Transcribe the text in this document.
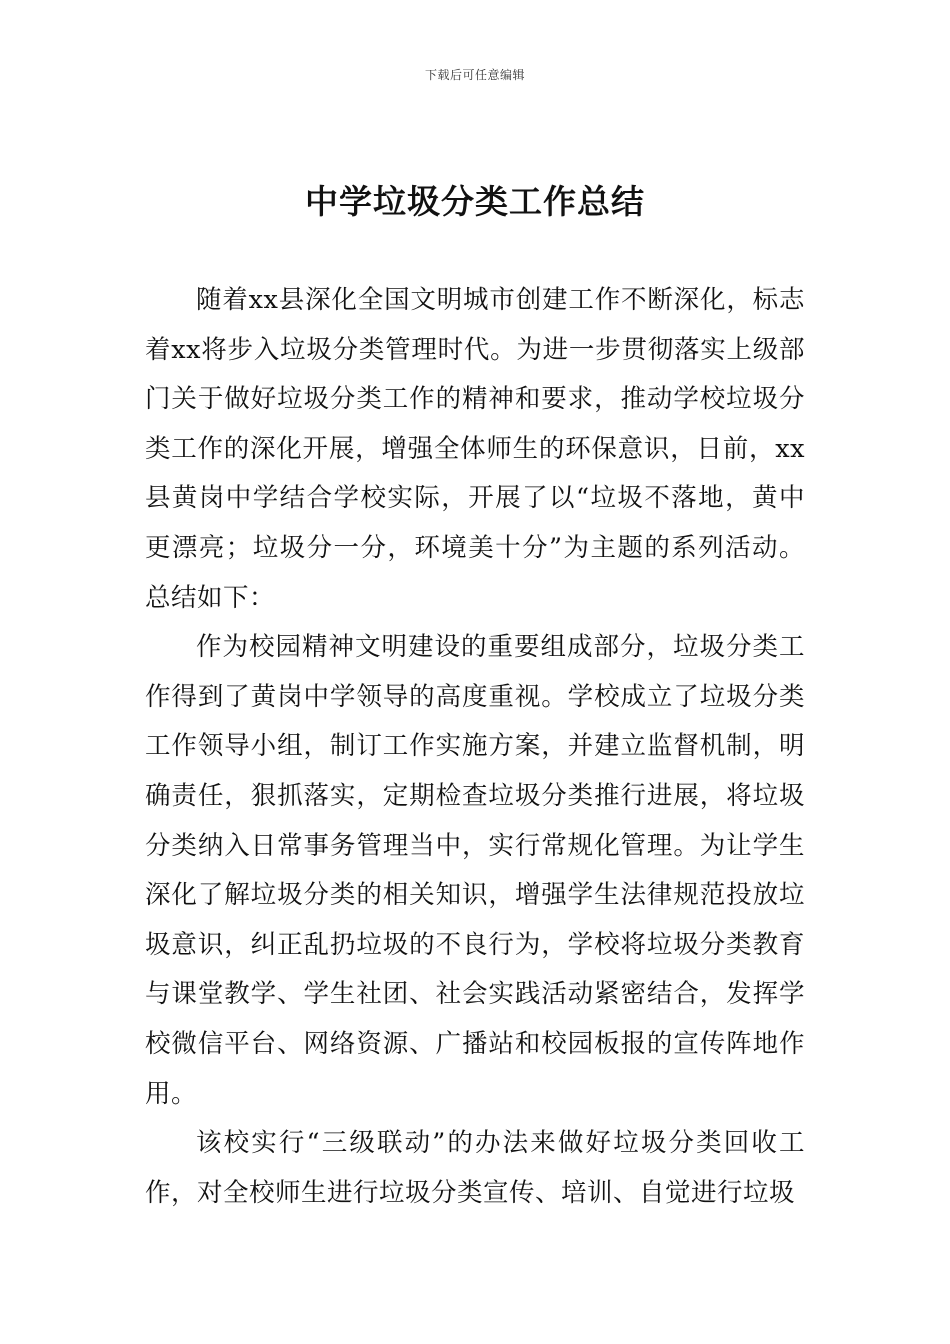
下载后可任意编辑
中学垃圾分类工作总结

随着xx县深化全国文明城市创建工作不断深化，标志着xx将步入垃圾分类管理时代。为进一步贯彻落实上级部门关于做好垃圾分类工作的精神和要求，推动学校垃圾分类工作的深化开展，增强全体师生的环保意识，日前，xx县黄岗中学结合学校实际，开展了以“垃圾不落地，黄中更漂亮；垃圾分一分，环境美十分”为主题的系列活动。总结如下：

作为校园精神文明建设的重要组成部分，垃圾分类工作得到了黄岗中学领导的高度重视。学校成立了垃圾分类工作领导小组，制订工作实施方案，并建立监督机制，明确责任，狠抓落实，定期检查垃圾分类推行进展，将垃圾分类纳入日常事务管理当中，实行常规化管理。为让学生深化了解垃圾分类的相关知识，增强学生法律规范投放垃圾意识，纠正乱扔垃圾的不良行为，学校将垃圾分类教育与课堂教学、学生社团、社会实践活动紧密结合，发挥学校微信平台、网络资源、广播站和校园板报的宣传阵地作用。

该校实行“三级联动”的办法来做好垃圾分类回收工作，对全校师生进行垃圾分类宣传、培训、自觉进行垃圾
